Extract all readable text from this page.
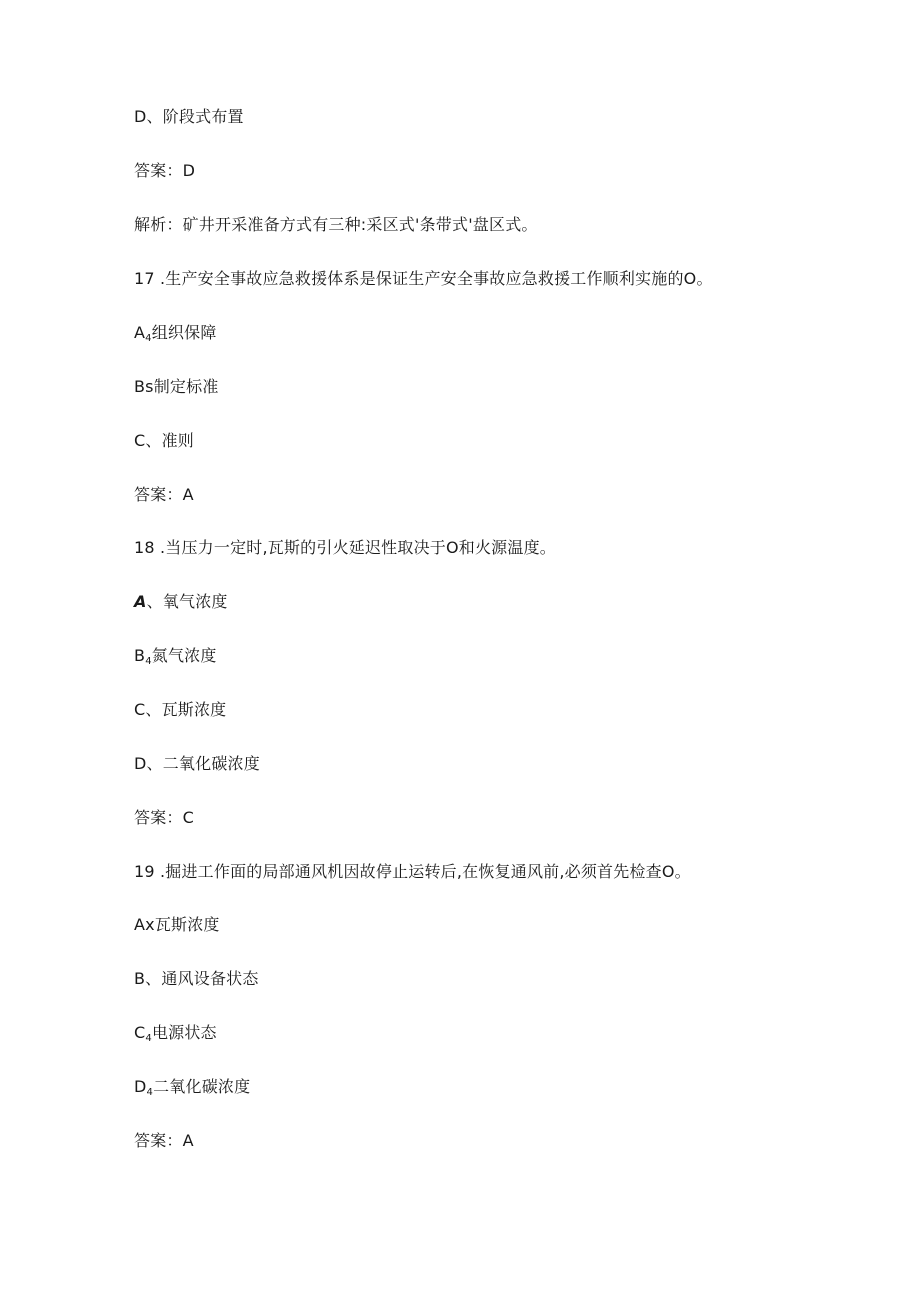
D、阶段式布置
答案：D
解析：矿井开采准备方式有三种:采区式'条带式'盘区式。
17 .生产安全事故应急救援体系是保证生产安全事故应急救援工作顺利实施的O。
$A_4$组织保障
Bs制定标准
C、准则
答案：A
18 .当压力一定时,瓦斯的引火延迟性取决于O和火源温度。
A、氧气浓度
$B_4$氮气浓度
C、瓦斯浓度
D、二氧化碳浓度
答案：C
19 .掘进工作面的局部通风机因故停止运转后,在恢复通风前,必须首先检查O。
Ax瓦斯浓度
B、通风设备状态
$C_4$电源状态
$D_4$二氧化碳浓度
答案：A
